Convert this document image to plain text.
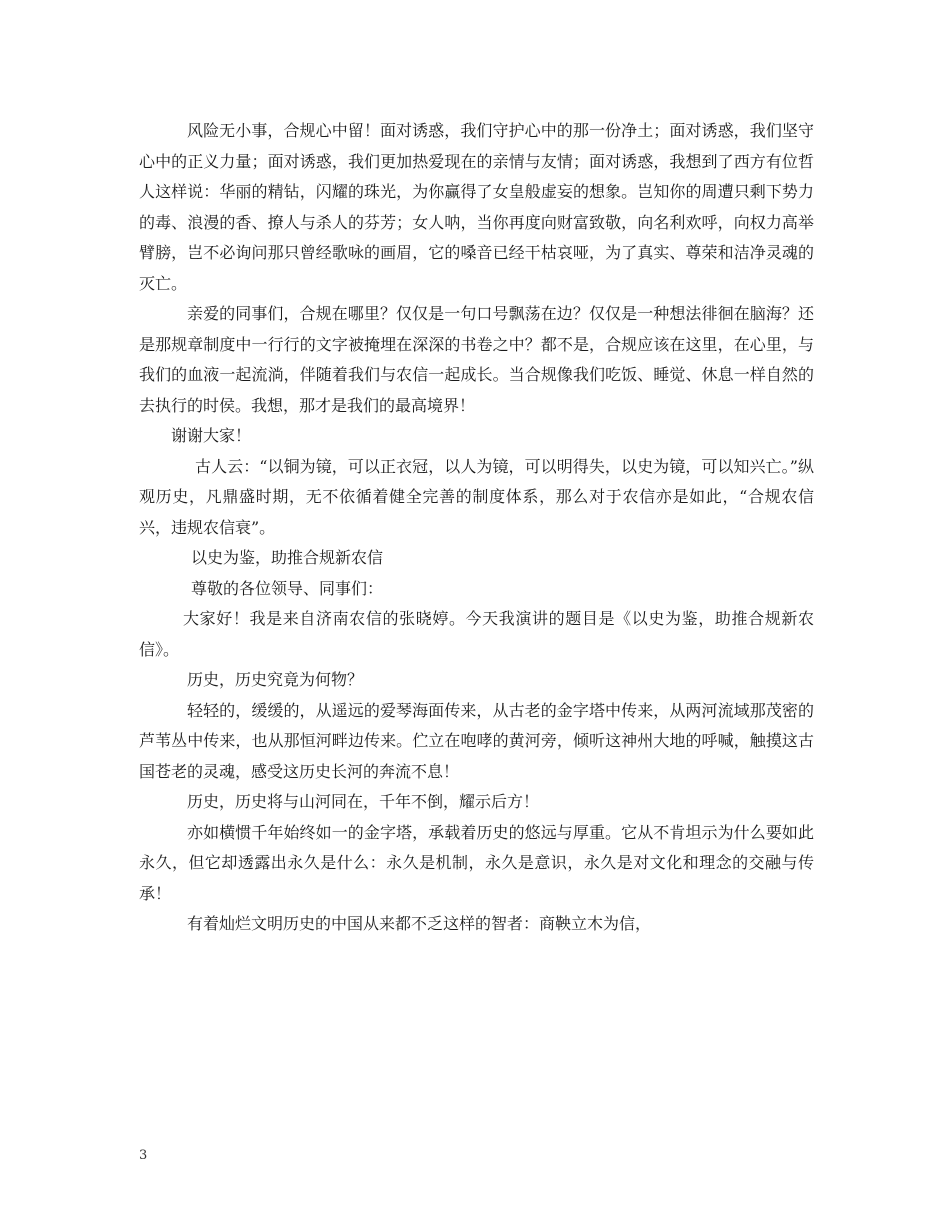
风险无小事，合规心中留！面对诱惑，我们守护心中的那一份净土；面对诱惑，我们坚守心中的正义力量；面对诱惑，我们更加热爱现在的亲情与友情；面对诱惑，我想到了西方有位哲人这样说：华丽的精钻，闪耀的珠光，为你赢得了女皇般虚妄的想象。岂知你的周遭只剩下势力的毒、浪漫的香、撩人与杀人的芬芳；女人呐，当你再度向财富致敬，向名利欢呼，向权力高举臂膀，岂不必询问那只曾经歌咏的画眉，它的嗓音已经干枯哀哑，为了真实、尊荣和洁净灵魂的灭亡。

亲爱的同事们，合规在哪里？仅仅是一句口号飘荡在边？仅仅是一种想法徘徊在脑海？还是那规章制度中一行行的文字被掩埋在深深的书卷之中？都不是，合规应该在这里，在心里，与我们的血液一起流淌，伴随着我们与农信一起成长。当合规像我们吃饭、睡觉、休息一样自然的去执行的时侯。我想，那才是我们的最高境界！

谢谢大家！

古人云：“以铜为镜，可以正衣冠，以人为镜，可以明得失，以史为镜，可以知兴亡。”纵观历史，凡鼎盛时期，无不依循着健全完善的制度体系，那么对于农信亦是如此，“合规农信兴，违规农信衰”。

以史为鉴，助推合规新农信

尊敬的各位领导、同事们：

大家好！我是来自济南农信的张晓婷。今天我演讲的题目是《以史为鉴，助推合规新农信》。

历史，历史究竟为何物？

轻轻的，缓缓的，从遥远的爱琴海面传来，从古老的金字塔中传来，从两河流域那茂密的芦苇丛中传来，也从那恒河畔边传来。伫立在咆哮的黄河旁，倾听这神州大地的呼喊，触摸这古国苍老的灵魂，感受这历史长河的奔流不息！

历史，历史将与山河同在，千年不倒，耀示后方！

亦如横惯千年始终如一的金字塔，承载着历史的悠远与厚重。它从不肯坦示为什么要如此永久，但它却透露出永久是什么：永久是机制，永久是意识，永久是对文化和理念的交融与传承！

有着灿烂文明历史的中国从来都不乏这样的智者：商鞅立木为信，

3
